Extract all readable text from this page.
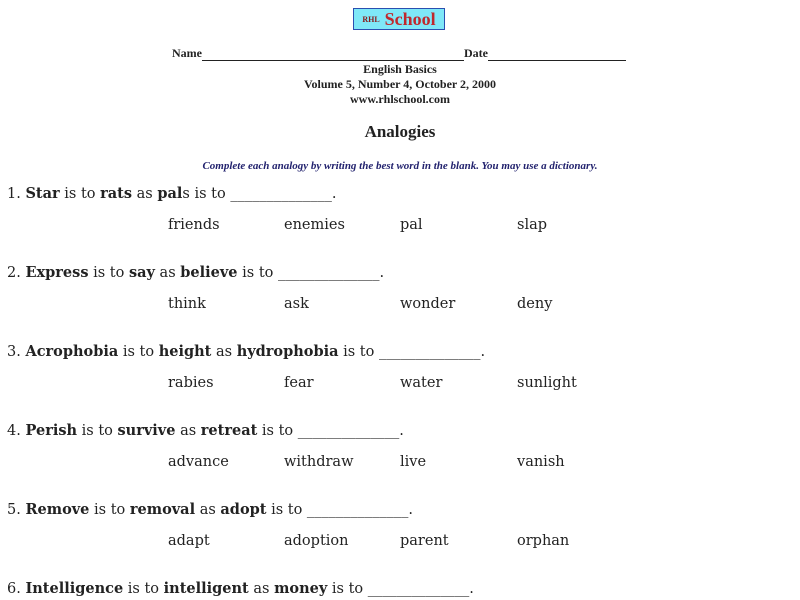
RHL School
Name	Date
English Basics
Volume 5, Number 4, October 2, 2000
www.rhlschool.com
Analogies
Complete each analogy by writing the best word in the blank. You may use a dictionary.
1. Star is to rats as pals is to ______________.
friends	enemies	pal	slap
2. Express is to say as believe is to ______________.
think	ask	wonder	deny
3. Acrophobia is to height as hydrophobia is to ______________.
rabies	fear	water	sunlight
4. Perish is to survive as retreat is to ______________.
advance	withdraw	live	vanish
5. Remove is to removal as adopt is to ______________.
adapt	adoption	parent	orphan
6. Intelligence is to intelligent as money is to ______________.
